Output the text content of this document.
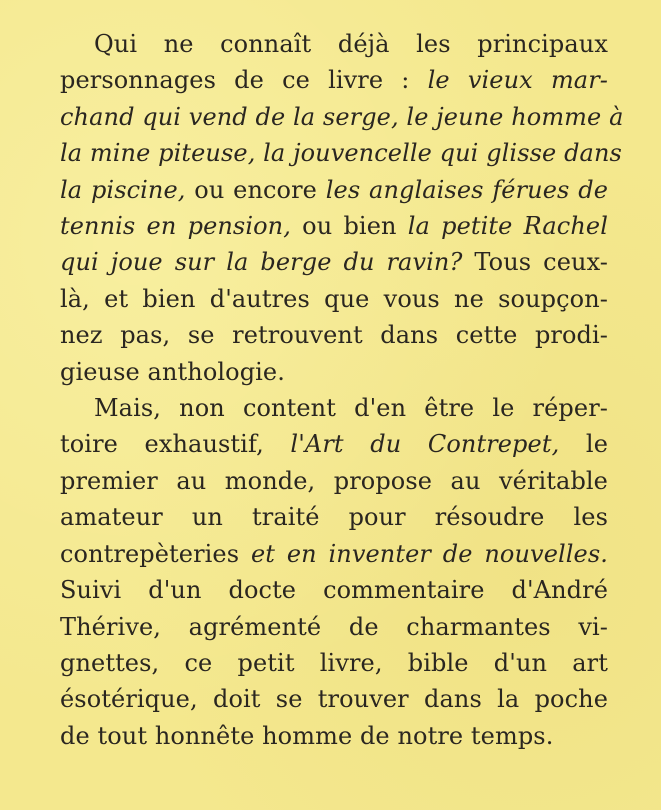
Qui ne connaît déjà les principaux
personnages de ce livre : le vieux mar-
chand qui vend de la serge, le jeune homme à
la mine piteuse, la jouvencelle qui glisse dans
la piscine, ou encore les anglaises férues de
tennis en pension, ou bien la petite Rachel
qui joue sur la berge du ravin? Tous ceux-
là, et bien d'autres que vous ne soupçon-
nez pas, se retrouvent dans cette prodi-
gieuse anthologie.
Mais, non content d'en être le réper-
toire exhaustif, l'Art du Contrepet, le
premier au monde, propose au véritable
amateur un traité pour résoudre les
contrepèteries et en inventer de nouvelles.
Suivi d'un docte commentaire d'André
Thérive, agrémenté de charmantes vi-
gnettes, ce petit livre, bible d'un art
ésotérique, doit se trouver dans la poche
de tout honnête homme de notre temps.
